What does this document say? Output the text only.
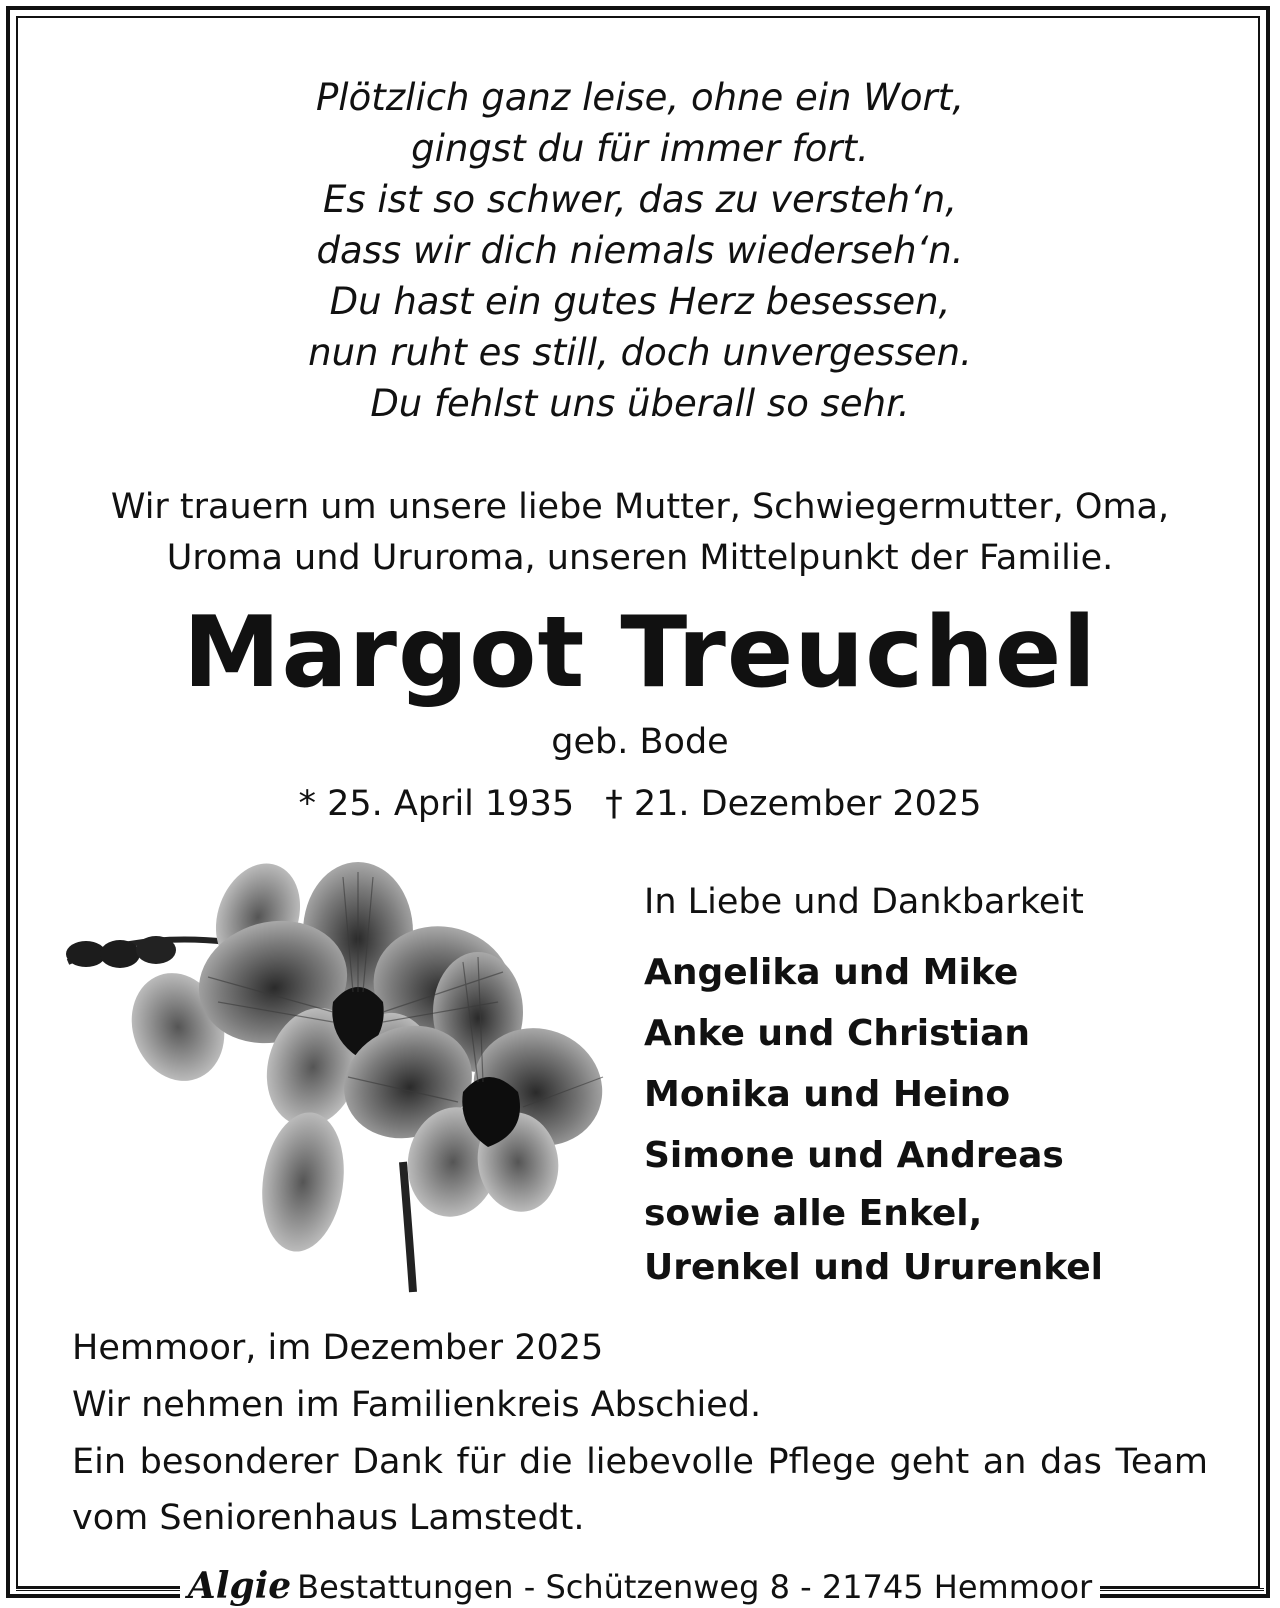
Plötzlich ganz leise, ohne ein Wort,
gingst du für immer fort.
Es ist so schwer, das zu versteh‘n,
dass wir dich niemals wiederseh‘n.
Du hast ein gutes Herz besessen,
nun ruht es still, doch unvergessen.
Du fehlst uns überall so sehr.
Wir trauern um unsere liebe Mutter, Schwiegermutter, Oma,
Uroma und Ururoma, unseren Mittelpunkt der Familie.
Margot Treuchel
geb. Bode
* 25. April 1935 † 21. Dezember 2025
In Liebe und Dankbarkeit
Angelika und Mike
Anke und Christian
Monika und Heino
Simone und Andreas
sowie alle Enkel,
Urenkel und Ururenkel
Hemmoor, im Dezember 2025
Wir nehmen im Familienkreis Abschied.
Ein besonderer Dank für die liebevolle Pflege geht an das Team vom Seniorenhaus Lamstedt.
Algie Bestattungen - Schützenweg 8 - 21745 Hemmoor
